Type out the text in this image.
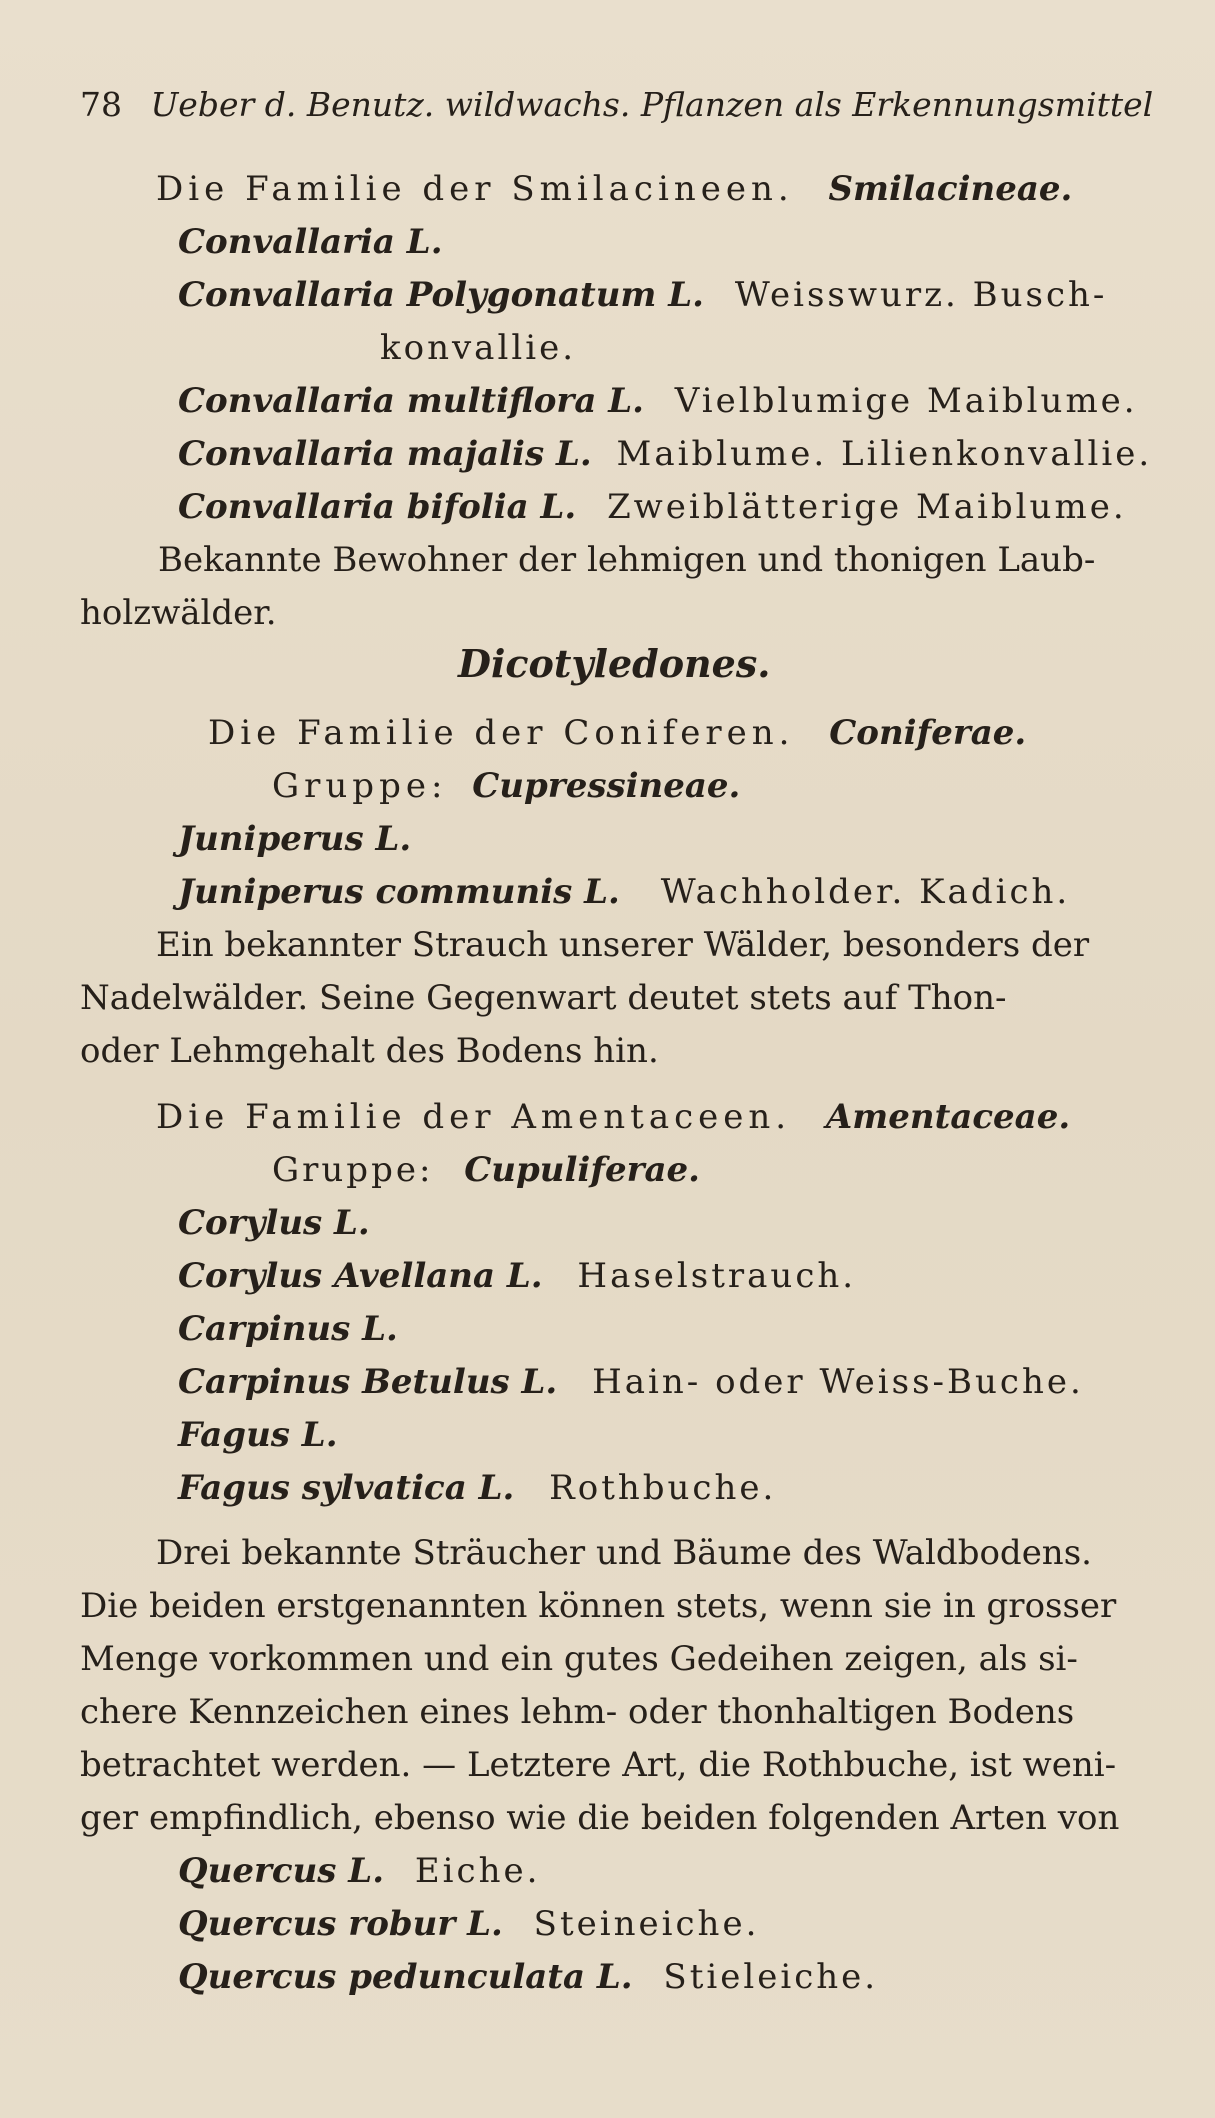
78 Ueber d. Benutz. wildwachs. Pflanzen als Erkennungsmittel
Die Familie der Smilacineen. Smilacineae.
Convallaria L.
Convallaria Polygonatum L. Weisswurz. Busch-
konvallie.
Convallaria multiflora L. Vielblumige Maiblume.
Convallaria majalis L. Maiblume. Lilienkonvallie.
Convallaria bifolia L. Zweiblätterige Maiblume.
Bekannte Bewohner der lehmigen und thonigen Laub-
holzwälder.
Dicotyledones.
Die Familie der Coniferen. Coniferae.
Gruppe: Cupressineae.
Juniperus L.
Juniperus communis L. Wachholder. Kadich.
Ein bekannter Strauch unserer Wälder, besonders der
Nadelwälder. Seine Gegenwart deutet stets auf Thon-
oder Lehmgehalt des Bodens hin.
Die Familie der Amentaceen. Amentaceae.
Gruppe: Cupuliferae.
Corylus L.
Corylus Avellana L. Haselstrauch.
Carpinus L.
Carpinus Betulus L. Hain- oder Weiss-Buche.
Fagus L.
Fagus sylvatica L. Rothbuche.
Drei bekannte Sträucher und Bäume des Waldbodens.
Die beiden erstgenannten können stets, wenn sie in grosser
Menge vorkommen und ein gutes Gedeihen zeigen, als si-
chere Kennzeichen eines lehm- oder thonhaltigen Bodens
betrachtet werden. — Letztere Art, die Rothbuche, ist weni-
ger empfindlich, ebenso wie die beiden folgenden Arten von
Quercus L. Eiche.
Quercus robur L. Steineiche.
Quercus pedunculata L. Stieleiche.
